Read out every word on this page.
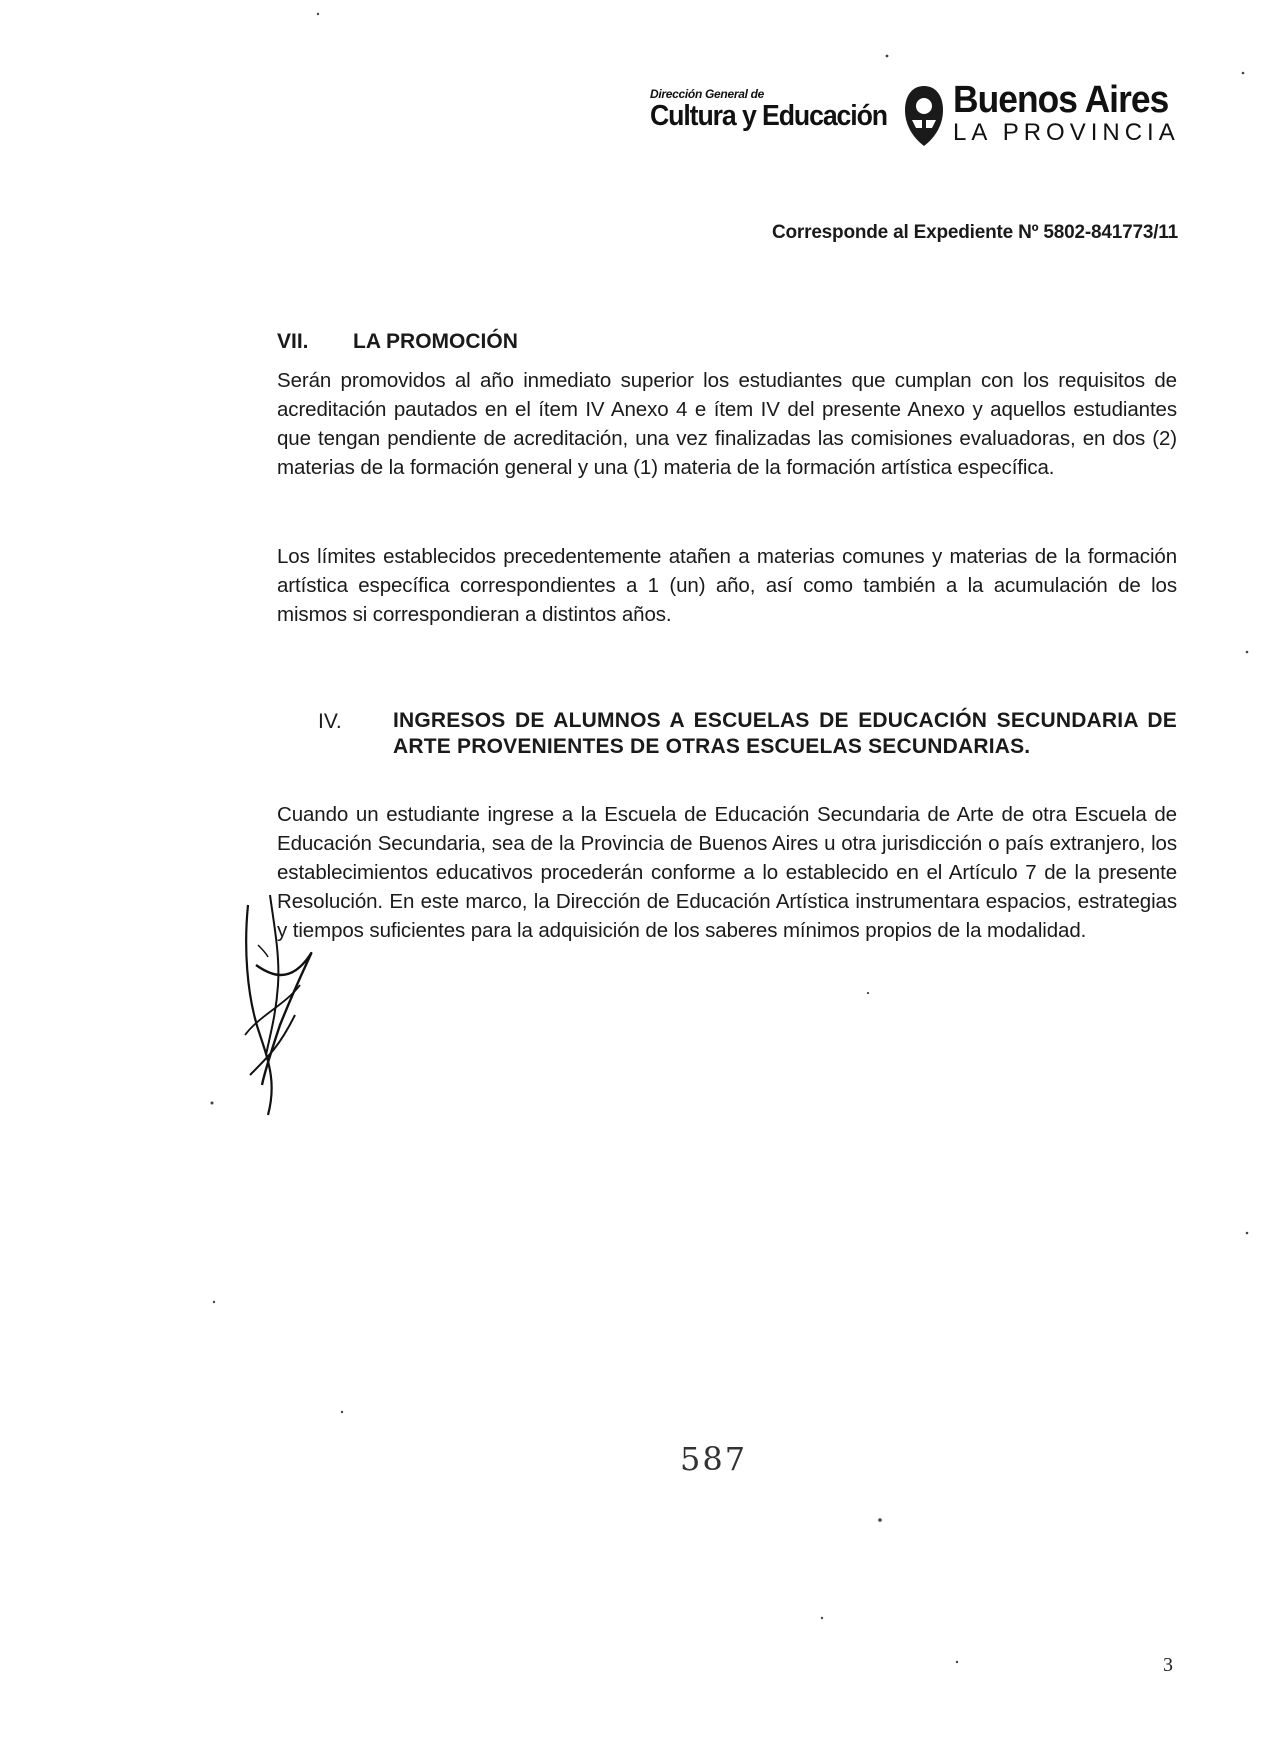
Dirección General de
Cultura y Educación Buenos Aires
LA PROVINCIA
Corresponde al Expediente Nº 5802-841773/11
VII. LA PROMOCIÓN
Serán promovidos al año inmediato superior los estudiantes que cumplan con los requisitos de acreditación pautados en el ítem IV Anexo 4 e ítem IV del presente Anexo y aquellos estudiantes que tengan pendiente de acreditación, una vez finalizadas las comisiones evaluadoras, en dos (2) materias de la formación general y una (1) materia de la formación artística específica.
Los límites establecidos precedentemente atañen a materias comunes y materias de la formación artística específica correspondientes a 1 (un) año, así como también a la acumulación de los mismos si correspondieran a distintos años.
IV. INGRESOS DE ALUMNOS A ESCUELAS DE EDUCACIÓN SECUNDARIA DE ARTE PROVENIENTES DE OTRAS ESCUELAS SECUNDARIAS.
Cuando un estudiante ingrese a la Escuela de Educación Secundaria de Arte de otra Escuela de Educación Secundaria, sea de la Provincia de Buenos Aires u otra jurisdicción o país extranjero, los establecimientos educativos procederán conforme a lo establecido en el Artículo 7 de la presente Resolución. En este marco, la Dirección de Educación Artística instrumentara espacios, estrategias y tiempos suficientes para la adquisición de los saberes mínimos propios de la modalidad.
587
3
